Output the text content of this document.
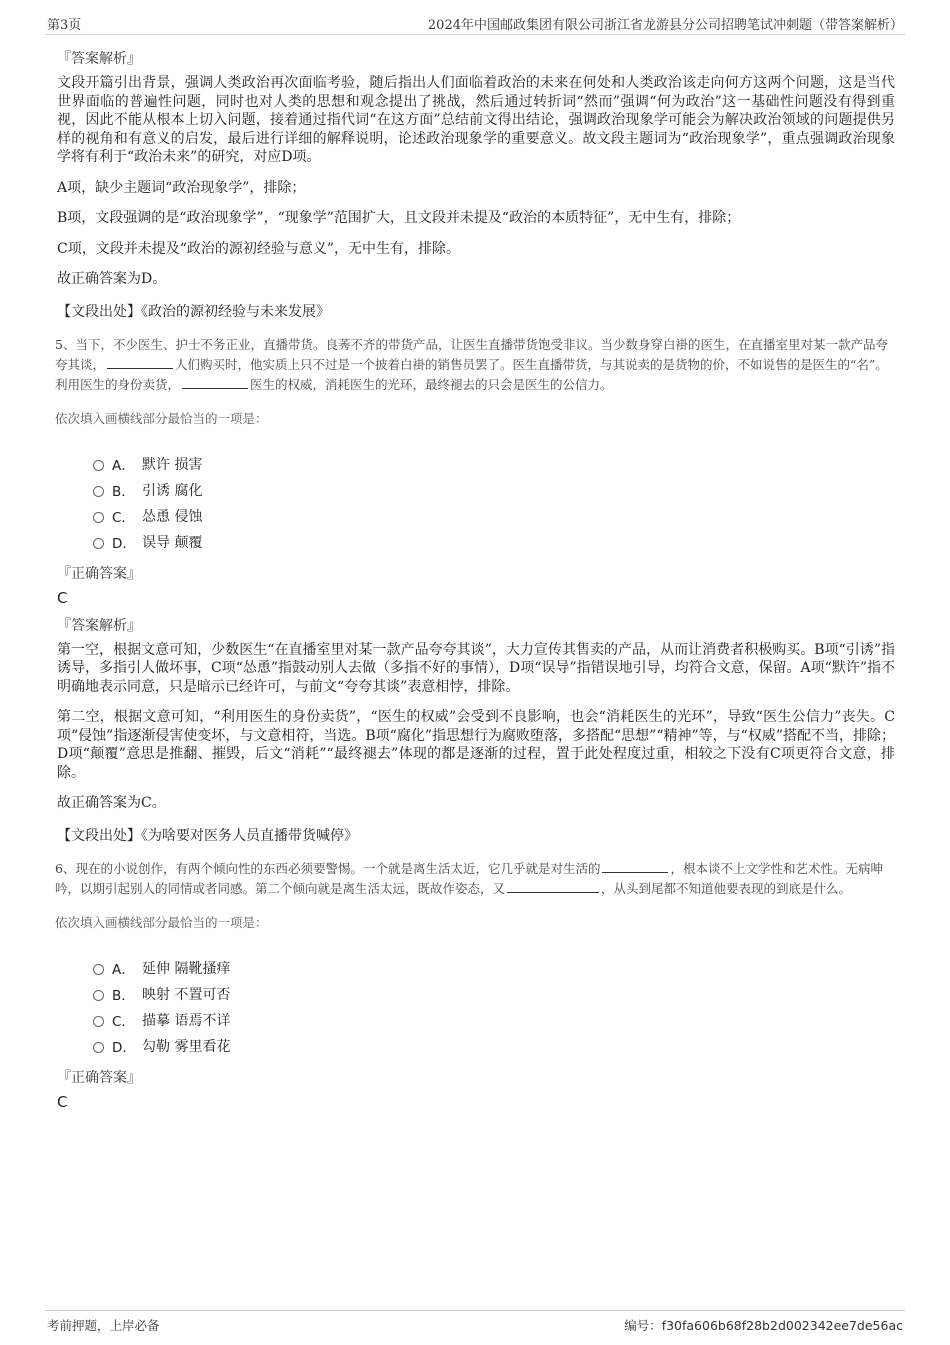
第3页	2024年中国邮政集团有限公司浙江省龙游县分公司招聘笔试冲刺题（带答案解析）
『答案解析』

文段开篇引出背景，强调人类政治再次面临考验，随后指出人们面临着政治的未来在何处和人类政治该走向何方这两个问题，这是当代世界面临的普遍性问题，同时也对人类的思想和观念提出了挑战，然后通过转折词“然而”强调“何为政治”这一基础性问题没有得到重视，因此不能从根本上切入问题，接着通过指代词“在这方面”总结前文得出结论，强调政治现象学可能会为解决政治领域的问题提供另样的视角和有意义的启发，最后进行详细的解释说明，论述政治现象学的重要意义。故文段主题词为“政治现象学”，重点强调政治现象学将有利于“政治未来”的研究，对应D项。

A项，缺少主题词“政治现象学”，排除；

B项，文段强调的是“政治现象学”，“现象学”范围扩大，且文段并未提及“政治的本质特征”，无中生有，排除；

C项，文段并未提及“政治的源初经验与意义”，无中生有，排除。

故正确答案为D。

【文段出处】《政治的源初经验与未来发展》
5、当下，不少医生、护士不务正业，直播带货。良莠不齐的带货产品，让医生直播带货饱受非议。当少数身穿白褂的医生，在直播室里对某一款产品夸夸其谈，	人们购买时，他实质上只不过是一个披着白褂的销售员罢了。医生直播带货，与其说卖的是货物的价，不如说售的是医生的“名”。利用医生的身份卖货，	医生的权威，消耗医生的光环，最终褪去的只会是医生的公信力。
依次填入画横线部分最恰当的一项是：
A． 默许 损害
B． 引诱 腐化
C． 怂恿 侵蚀
D． 误导 颠覆
『正确答案』
C
『答案解析』

第一空，根据文意可知，少数医生“在直播室里对某一款产品夸夸其谈”，大力宣传其售卖的产品，从而让消费者积极购买。B项“引诱”指诱导，多指引人做坏事，C项“怂恿”指鼓动别人去做（多指不好的事情），D项“误导”指错误地引导，均符合文意，保留。A项“默许”指不明确地表示同意，只是暗示已经许可，与前文“夸夸其谈”表意相悖，排除。

第二空，根据文意可知，“利用医生的身份卖货”，“医生的权威”会受到不良影响，也会“消耗医生的光环”，导致“医生公信力”丧失。C项“侵蚀”指逐渐侵害使变坏，与文意相符，当选。B项“腐化”指思想行为腐败堕落，多搭配“思想”“精神”等，与“权威”搭配不当，排除；D项“颠覆”意思是推翻、摧毁，后文“消耗”“最终褪去”体现的都是逐渐的过程，置于此处程度过重，相较之下没有C项更符合文意，排除。

故正确答案为C。

【文段出处】《为啥要对医务人员直播带货喊停》
6、现在的小说创作，有两个倾向性的东西必须要警惕。一个就是离生活太近，它几乎就是对生活的	，根本谈不上文学性和艺术性。无病呻吟，以期引起别人的同情或者同感。第二个倾向就是离生活太远，既故作姿态，又	，从头到尾都不知道他要表现的到底是什么。
依次填入画横线部分最恰当的一项是：
A． 延伸 隔靴搔痒
B． 映射 不置可否
C． 描摹 语焉不详
D． 勾勒 雾里看花
『正确答案』
C
考前押题，上岸必备	编号：f30fa606b68f28b2d002342ee7de56ac
